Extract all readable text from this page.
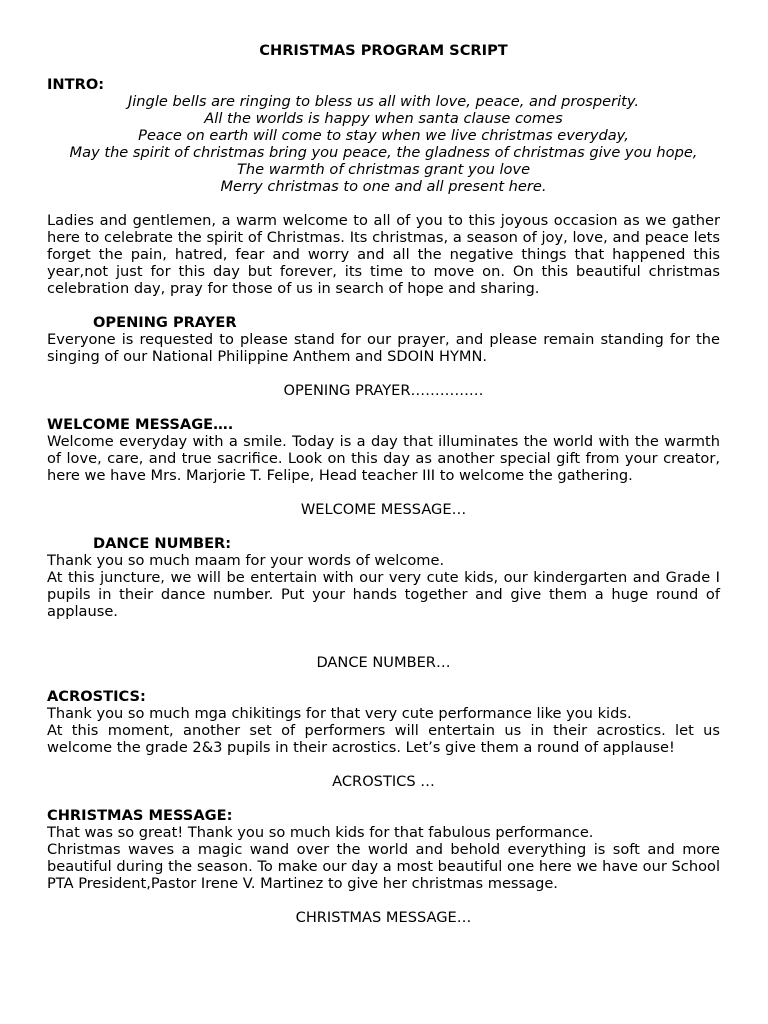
CHRISTMAS PROGRAM SCRIPT
INTRO:
Jingle bells are ringing to bless us all with love, peace, and prosperity.
All the worlds is happy when santa clause comes
Peace on earth will come to stay when we live christmas everyday,
May the spirit of christmas bring you peace, the gladness of christmas give you hope,
The warmth of christmas grant you love
Merry christmas to one and all present here.

Ladies and gentlemen, a warm welcome to all of you to this joyous occasion as we gather here to celebrate the spirit of Christmas. Its christmas, a season of joy, love, and peace lets forget the pain, hatred, fear and worry and all the negative things that happened this year,not just for this day but forever, its time to move on. On this beautiful christmas celebration day, pray for those of us in search of hope and sharing.

OPENING PRAYER

Everyone is requested to please stand for our prayer, and please remain standing for the singing of our National Philippine Anthem and SDOIN HYMN.

OPENING PRAYER……………
WELCOME MESSAGE….

Welcome everyday with a smile. Today is a day that illuminates the world with the warmth of love, care, and true sacrifice. Look on this day as another special gift from your creator, here we have Mrs. Marjorie T. Felipe, Head teacher III to welcome the gathering.

WELCOME MESSAGE…
DANCE NUMBER:

Thank you so much maam for your words of welcome.

At this juncture, we will be entertain with our very cute kids, our kindergarten and Grade I pupils in their dance number. Put your hands together and give them a huge round of applause.

DANCE NUMBER…
ACROSTICS:

Thank you so much mga chikitings for that very cute performance like you kids.

At this moment, another set of performers will entertain us in their acrostics. let us welcome the grade 2&3 pupils in their acrostics. Let’s give them a round of applause!

ACROSTICS …
CHRISTMAS MESSAGE:

That was so great! Thank you so much kids for that fabulous performance.

Christmas waves a magic wand over the world and behold everything is soft and more beautiful during the season. To make our day a most beautiful one here we have our School PTA President,Pastor Irene V. Martinez to give her christmas message.

CHRISTMAS MESSAGE…
